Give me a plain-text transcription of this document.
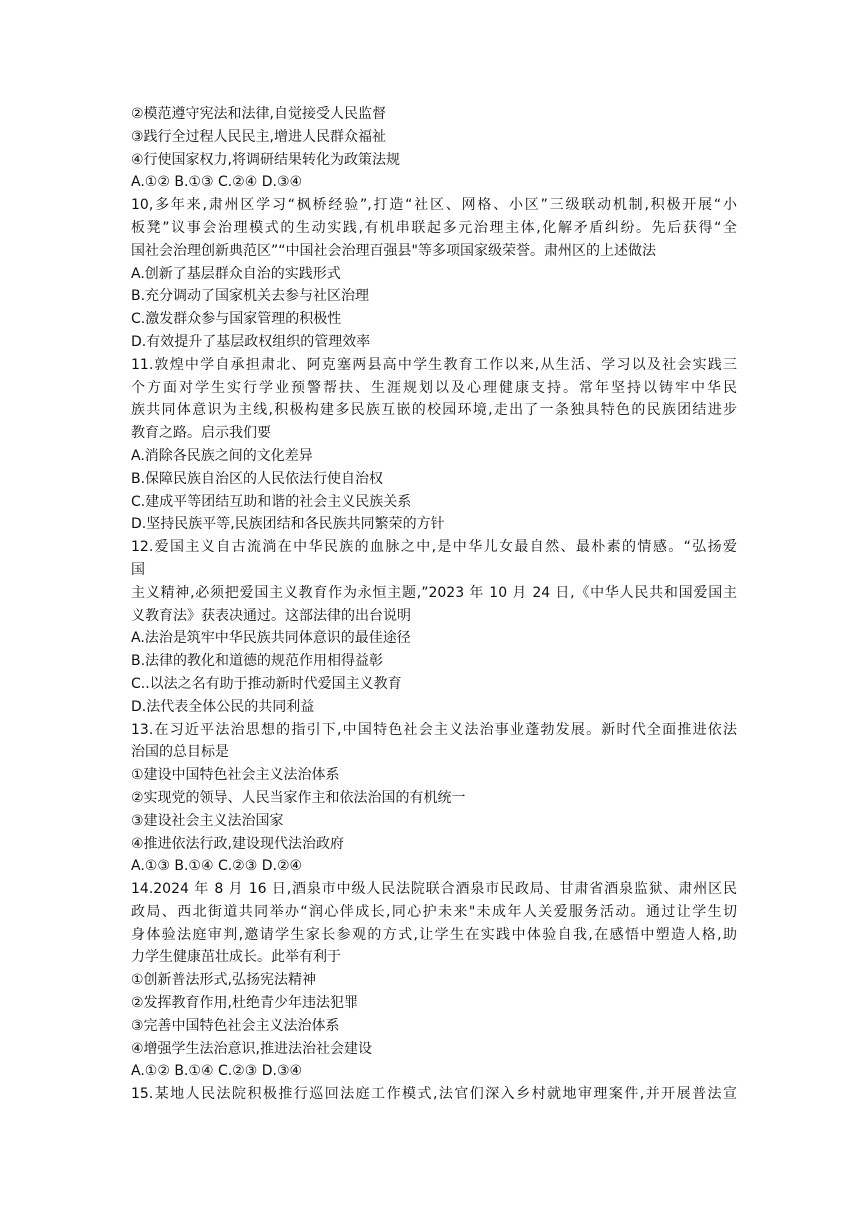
②模范遵守宪法和法律,自觉接受人民监督
③践行全过程人民民主,增进人民群众福祉
④行使国家权力,将调研结果转化为政策法规
A.①② B.①③ C.②④ D.③④
10,多年来,肃州区学习“枫桥经验”,打造“社区、网格、小区”三级联动机制,积极开展“小
板凳”议事会治理模式的生动实践,有机串联起多元治理主体,化解矛盾纠纷。先后获得“全
国社会治理创新典范区”“中国社会治理百强县"等多项国家级荣誉。肃州区的上述做法
A.创新了基层群众自治的实践形式
B.充分调动了国家机关去参与社区治理
C.激发群众参与国家管理的积极性
D.有效提升了基层政权组织的管理效率
11.敦煌中学自承担肃北、阿克塞两县高中学生教育工作以来,从生活、学习以及社会实践三
个方面对学生实行学业预警帮扶、生涯规划以及心理健康支持。常年坚持以铸牢中华民
族共同体意识为主线,积极构建多民族互嵌的校园环境,走出了一条独具特色的民族团结进步
教育之路。启示我们要
A.消除各民族之间的文化差异
B.保障民族自治区的人民依法行使自治权
C.建成平等团结互助和谐的社会主义民族关系
D.坚持民族平等,民族团结和各民族共同繁荣的方针
12.爱国主义自古流淌在中华民族的血脉之中,是中华儿女最自然、最朴素的情感。“弘扬爱
国
主义精神,必须把爱国主义教育作为永恒主题,”2023 年 10 月 24 日,《中华人民共和国爱国主
义教育法》获表决通过。这部法律的出台说明
A.法治是筑牢中华民族共同体意识的最佳途径
B.法律的教化和道德的规范作用相得益彰
C..以法之名有助于推动新时代爱国主义教育
D.法代表全体公民的共同利益
13.在习近平法治思想的指引下,中国特色社会主义法治事业蓬勃发展。新时代全面推进依法
治国的总目标是
①建设中国特色社会主义法治体系
②实现党的领导、人民当家作主和依法治国的有机统一
③建设社会主义法治国家
④推进依法行政,建设现代法治政府
A.①③ B.①④ C.②③ D.②④
14.2024 年 8 月 16 日,酒泉市中级人民法院联合酒泉市民政局、甘肃省酒泉监狱、肃州区民
政局、西北街道共同举办“润心伴成长,同心护未来"未成年人关爱服务活动。通过让学生切
身体验法庭审判,邀请学生家长参观的方式,让学生在实践中体验自我,在感悟中塑造人格,助
力学生健康茁壮成长。此举有利于
①创新普法形式,弘扬宪法精神
②发挥教育作用,杜绝青少年违法犯罪
③完善中国特色社会主义法治体系
④增强学生法治意识,推进法治社会建设
A.①② B.①④ C.②③ D.③④
15.某地人民法院积极推行巡回法庭工作模式,法官们深入乡村就地审理案件,并开展普法宣
